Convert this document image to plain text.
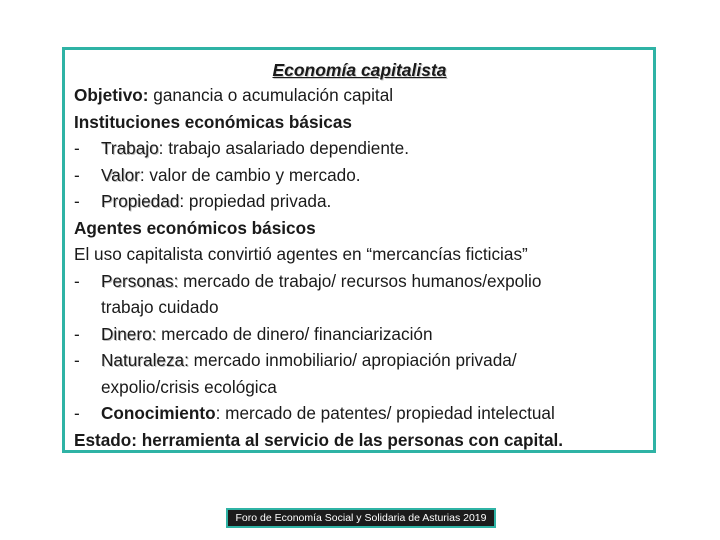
Economía capitalista
Objetivo: ganancia o acumulación capital
Instituciones económicas básicas
- Trabajo: trabajo asalariado dependiente.
- Valor: valor de cambio y mercado.
- Propiedad: propiedad privada.
Agentes económicos básicos
El uso capitalista convirtió agentes en “mercancías ficticias”
- Personas: mercado de trabajo/ recursos humanos/expolio
trabajo cuidado
- Dinero: mercado de dinero/ financiarización
- Naturaleza: mercado inmobiliario/ apropiación privada/
expolio/crisis ecológica
- Conocimiento: mercado de patentes/ propiedad intelectual
Estado: herramienta al servicio de las personas con capital.
Foro de Economía Social y Solidaria de Asturias 2019
